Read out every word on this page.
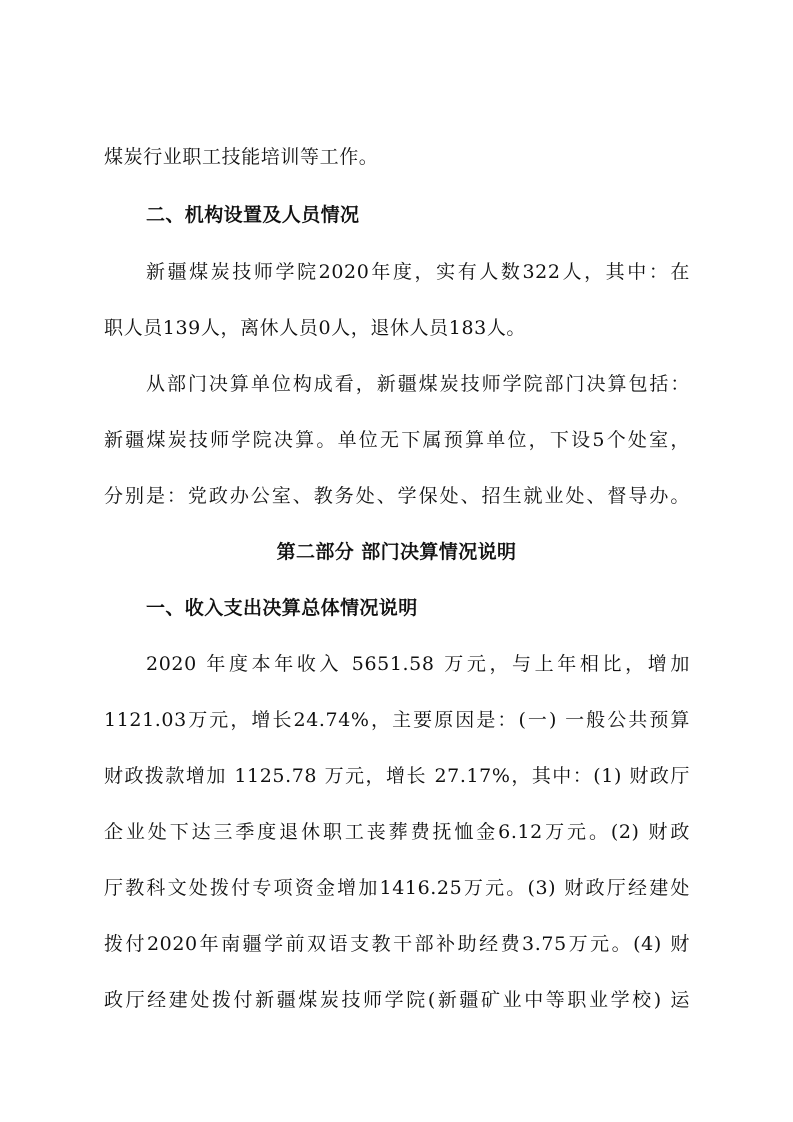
煤炭行业职工技能培训等工作。
二、机构设置及人员情况
新疆煤炭技师学院2020年度，实有人数322人，其中：在
职人员139人，离休人员0人，退休人员183人。
从部门决算单位构成看，新疆煤炭技师学院部门决算包括：
新疆煤炭技师学院决算。单位无下属预算单位，下设5个处室，
分别是：党政办公室、教务处、学保处、招生就业处、督导办。
第二部分 部门决算情况说明
一、收入支出决算总体情况说明
2020 年度本年收入 5651.58 万元，与上年相比，增加
1121.03万元，增长24.74%，主要原因是：(一) 一般公共预算
财政拨款增加 1125.78 万元，增长 27.17%，其中：(1) 财政厅
企业处下达三季度退休职工丧葬费抚恤金6.12万元。(2) 财政
厅教科文处拨付专项资金增加1416.25万元。(3) 财政厅经建处
拨付2020年南疆学前双语支教干部补助经费3.75万元。(4) 财
政厅经建处拨付新疆煤炭技师学院(新疆矿业中等职业学校) 运
